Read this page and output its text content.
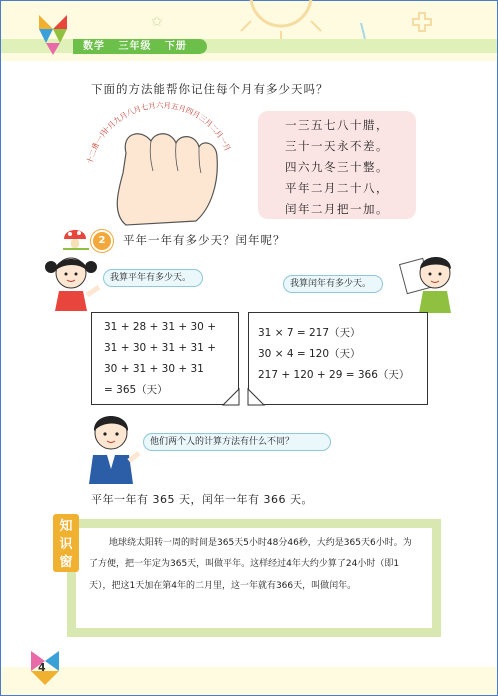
✩
数学 三年级 下册
下面的方法能帮你记住每个月有多少天吗？
十二月
十一月
十月
九月
八月
七月 六月
五月
四月
三月
二月
一月
一三五七八十腊，
三十一天永不差。
四六九冬三十整。
平年二月二十八，
闰年二月把一加。
2	平年一年有多少天？闰年呢？
我算平年有多少天。
我算闰年有多少天。
31 + 28 + 31 + 30 +
31 + 30 + 31 + 31 +
30 + 31 + 30 + 31
= 365（天）
31 × 7 = 217（天）
30 × 4 = 120（天）
217 + 120 + 29 = 366（天）
他们两个人的计算方法有什么不同？
平年一年有 365 天，闰年一年有 366 天。
知
识
窗
地球绕太阳转一周的时间是365天5小时48分46秒，大约是365天6小时。为了方便，把一年定为365天，叫做平年。这样经过4年大约少算了24小时（即1天），把这1天加在第4年的二月里，这一年就有366天，叫做闰年。
4
